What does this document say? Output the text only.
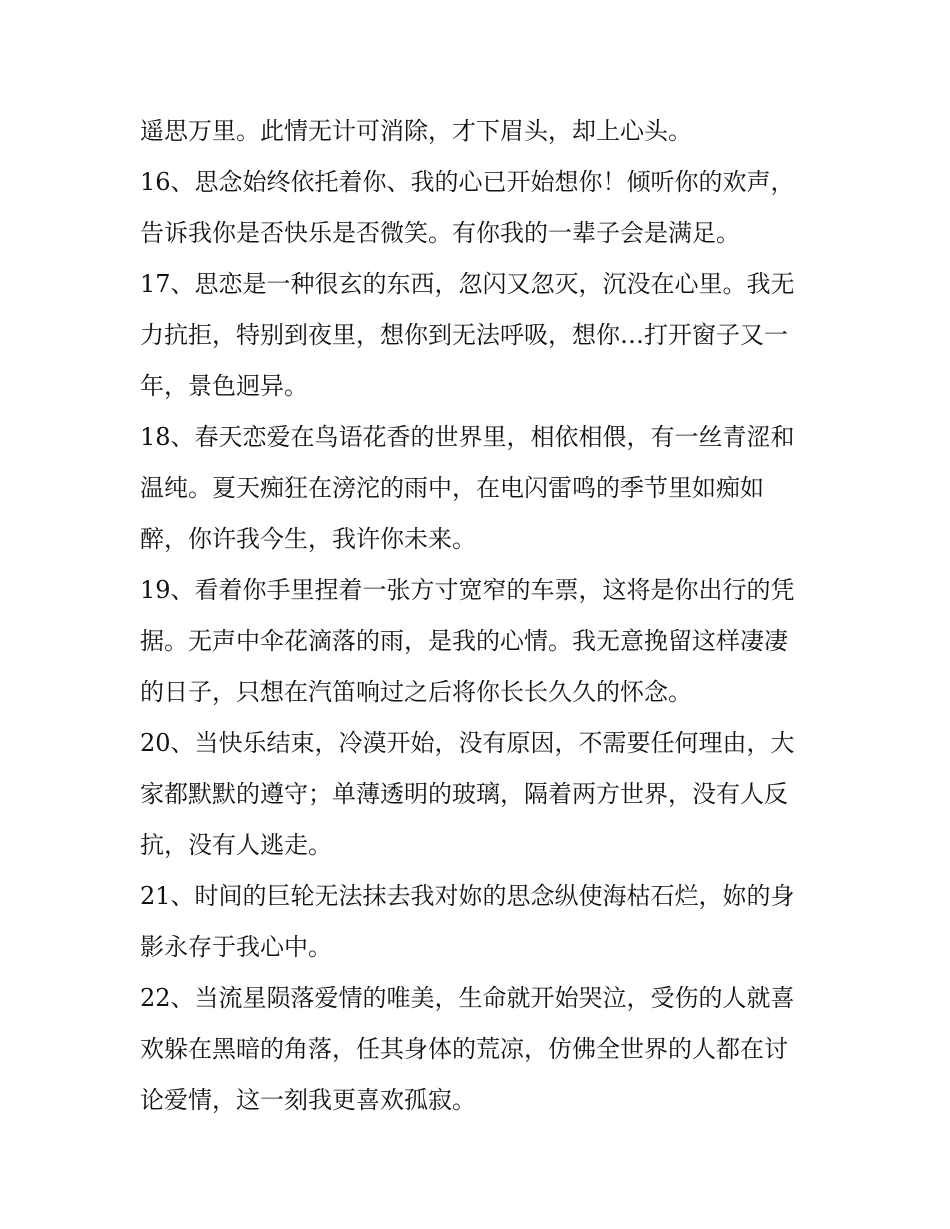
遥思万里。此情无计可消除，才下眉头，却上心头。
16、思念始终依托着你、我的心已开始想你！倾听你的欢声，
告诉我你是否快乐是否微笑。有你我的一辈子会是满足。
17、思恋是一种很玄的东西，忽闪又忽灭，沉没在心里。我无
力抗拒，特别到夜里，想你到无法呼吸，想你…打开窗子又一
年，景色迥异。
18、春天恋爱在鸟语花香的世界里，相依相偎，有一丝青涩和
温纯。夏天痴狂在滂沱的雨中，在电闪雷鸣的季节里如痴如
醉，你许我今生，我许你未来。
19、看着你手里捏着一张方寸宽窄的车票，这将是你出行的凭
据。无声中伞花滴落的雨，是我的心情。我无意挽留这样凄凄
的日子，只想在汽笛响过之后将你长长久久的怀念。
20、当快乐结束，冷漠开始，没有原因，不需要任何理由，大
家都默默的遵守；单薄透明的玻璃，隔着两方世界，没有人反
抗，没有人逃走。
21、时间的巨轮无法抹去我对妳的思念纵使海枯石烂，妳的身
影永存于我心中。
22、当流星陨落爱情的唯美，生命就开始哭泣，受伤的人就喜
欢躲在黑暗的角落，任其身体的荒凉，仿佛全世界的人都在讨
论爱情，这一刻我更喜欢孤寂。
